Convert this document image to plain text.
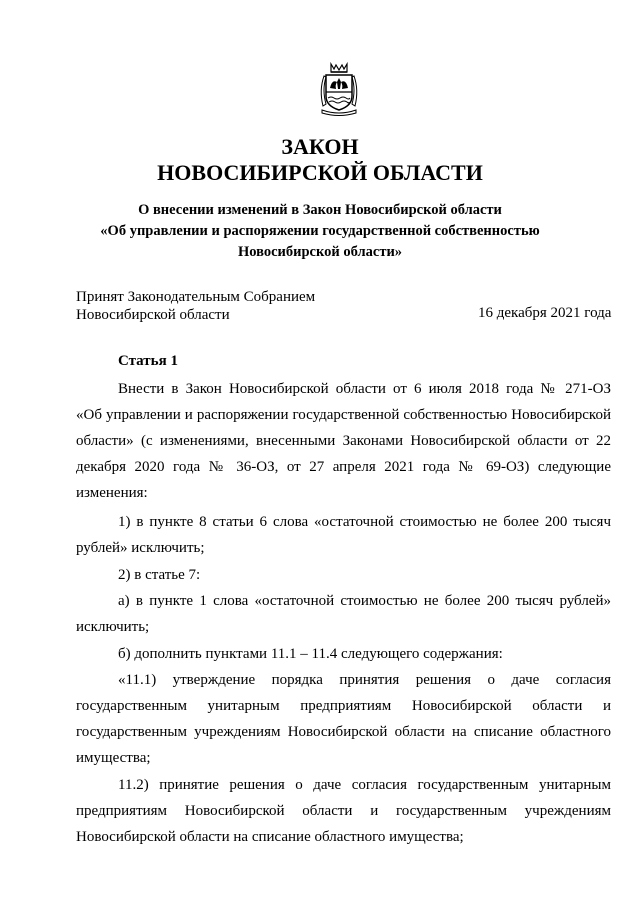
ЗАКОН
НОВОСИБИРСКОЙ ОБЛАСТИ
О внесении изменений в Закон Новосибирской области
«Об управлении и распоряжении государственной собственностью
Новосибирской области»
Принят Законодательным Собранием
Новосибирской области	16 декабря 2021 года
Статья 1
Внести в Закон Новосибирской области от 6 июля 2018 года № 271-ОЗ
«Об управлении и распоряжении государственной собственностью Новосибирской
области» (с изменениями, внесенными Законами Новосибирской области от 22
декабря 2020 года № 36-ОЗ, от 27 апреля 2021 года № 69-ОЗ) следующие
изменения:
1) в пункте 8 статьи 6 слова «остаточной стоимостью не более 200 тысяч
рублей» исключить;
2) в статье 7:
а) в пункте 1 слова «остаточной стоимостью не более 200 тысяч рублей»
исключить;
б) дополнить пунктами 11.1 – 11.4 следующего содержания:
«11.1) утверждение порядка принятия решения о даче согласия
государственным унитарным предприятиям Новосибирской области и
государственным учреждениям Новосибирской области на списание областного
имущества;
11.2) принятие решения о даче согласия государственным унитарным
предприятиям Новосибирской области и государственным учреждениям
Новосибирской области на списание областного имущества;
